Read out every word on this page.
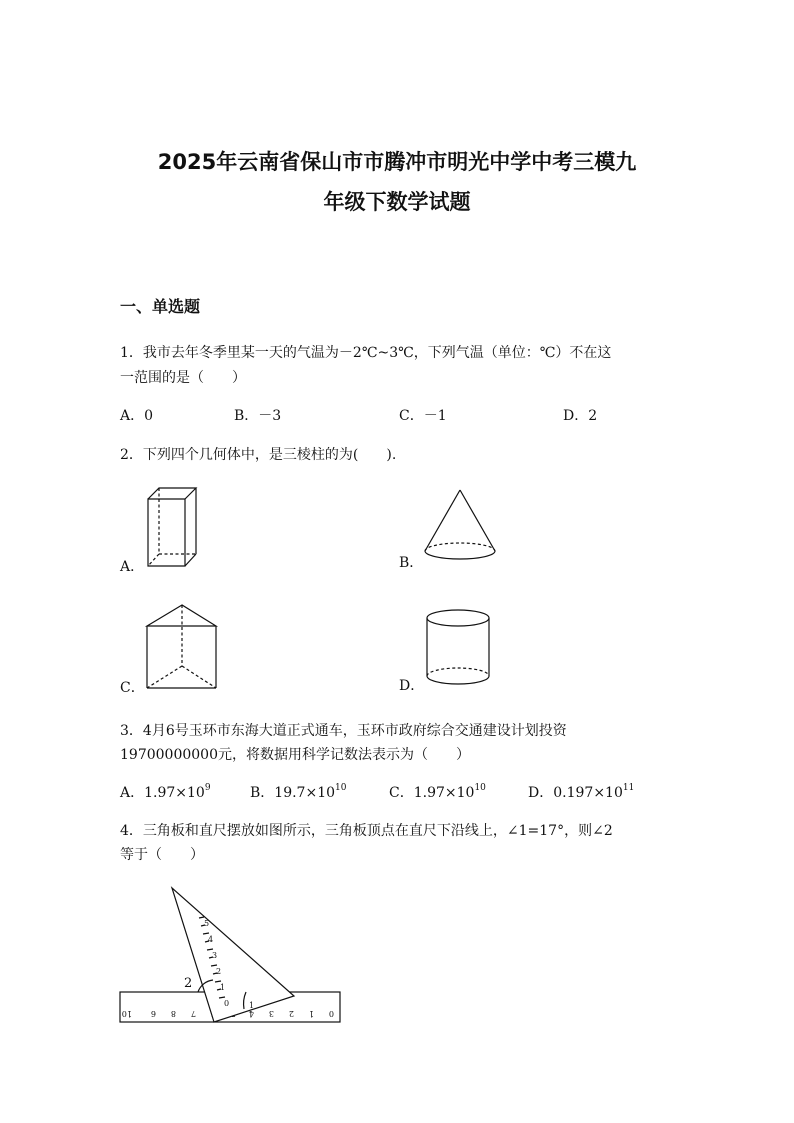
2025年云南省保山市市腾冲市明光中学中考三模九
年级下数学试题
一、单选题
1．我市去年冬季里某一天的气温为－2℃~3℃，下列气温（单位：℃）不在这
一范围的是（　　）
A．0	B．－3	C．－1	D．2
2．下列四个几何体中，是三棱柱的为(　　).
A．	B．
C．	D．
3．4月6号玉环市东海大道正式通车，玉环市政府综合交通建设计划投资
19700000000元，将数据用科学记数法表示为（　　）
A．$1.97\times 10^9$	B．$19.7\times 10^{10}$	C．$1.97\times 10^{10}$	D．$0.197\times 10^{11}$
4．三角板和直尺摆放如图所示，三角板顶点在直尺下沿线上，∠1=17°，则∠2
等于（　　）
10 6 8 7	4 3 2 1 0
5
4
3
2
1
0
2
1
